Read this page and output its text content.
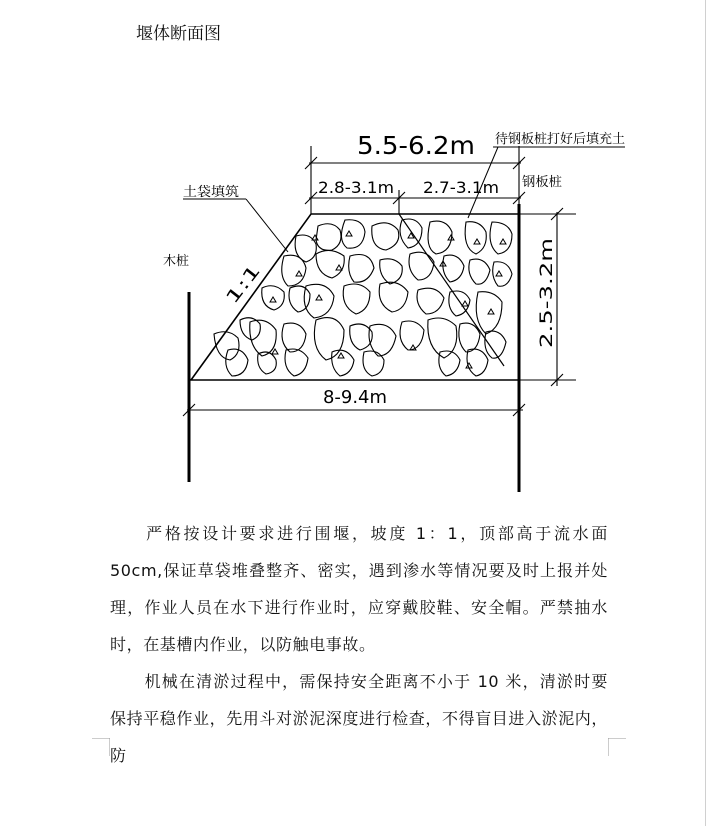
堰体断面图
5.5-6.2m
2.8-3.1m 2.7-3.1m
8-9.4m
2.5-3.2m
1:1
土袋填筑
木桩
待钢板桩打好后填充土
钢板桩
严格按设计要求进行围堰，坡度 1：1，顶部高于流水面 50cm,保证草袋堆叠整齐、密实，遇到渗水等情况要及时上报并处理，作业人员在水下进行作业时，应穿戴胶鞋、安全帽。严禁抽水时，在基槽内作业，以防触电事故。
机械在清淤过程中，需保持安全距离不小于 10 米，清淤时要保持平稳作业，先用斗对淤泥深度进行检查，不得盲目进入淤泥内，防
